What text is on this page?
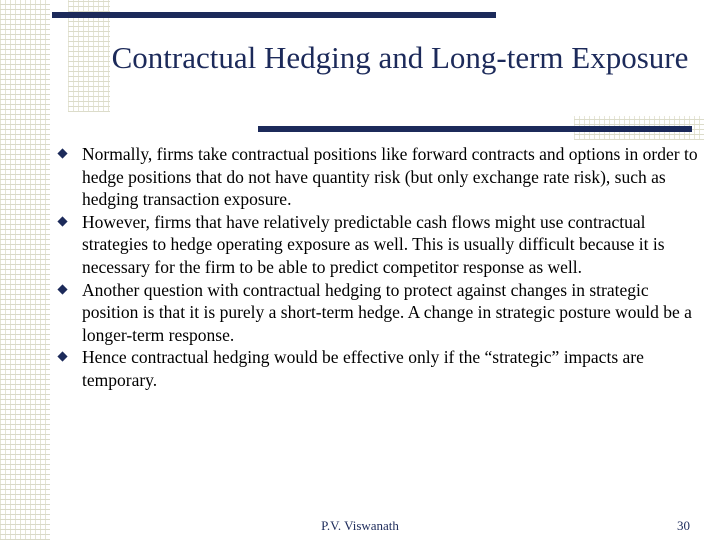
Contractual Hedging and Long-term Exposure
Normally, firms take contractual positions like forward contracts and options in order to hedge positions that do not have quantity risk (but only exchange rate risk), such as hedging transaction exposure.
However, firms that have relatively predictable cash flows might use contractual strategies to hedge operating exposure as well. This is usually difficult because it is necessary for the firm to be able to predict competitor response as well.
Another question with contractual hedging to protect against changes in strategic position is that it is purely a short-term hedge. A change in strategic posture would be a longer-term response.
Hence contractual hedging would be effective only if the “strategic” impacts are temporary.
P.V. Viswanath	30
